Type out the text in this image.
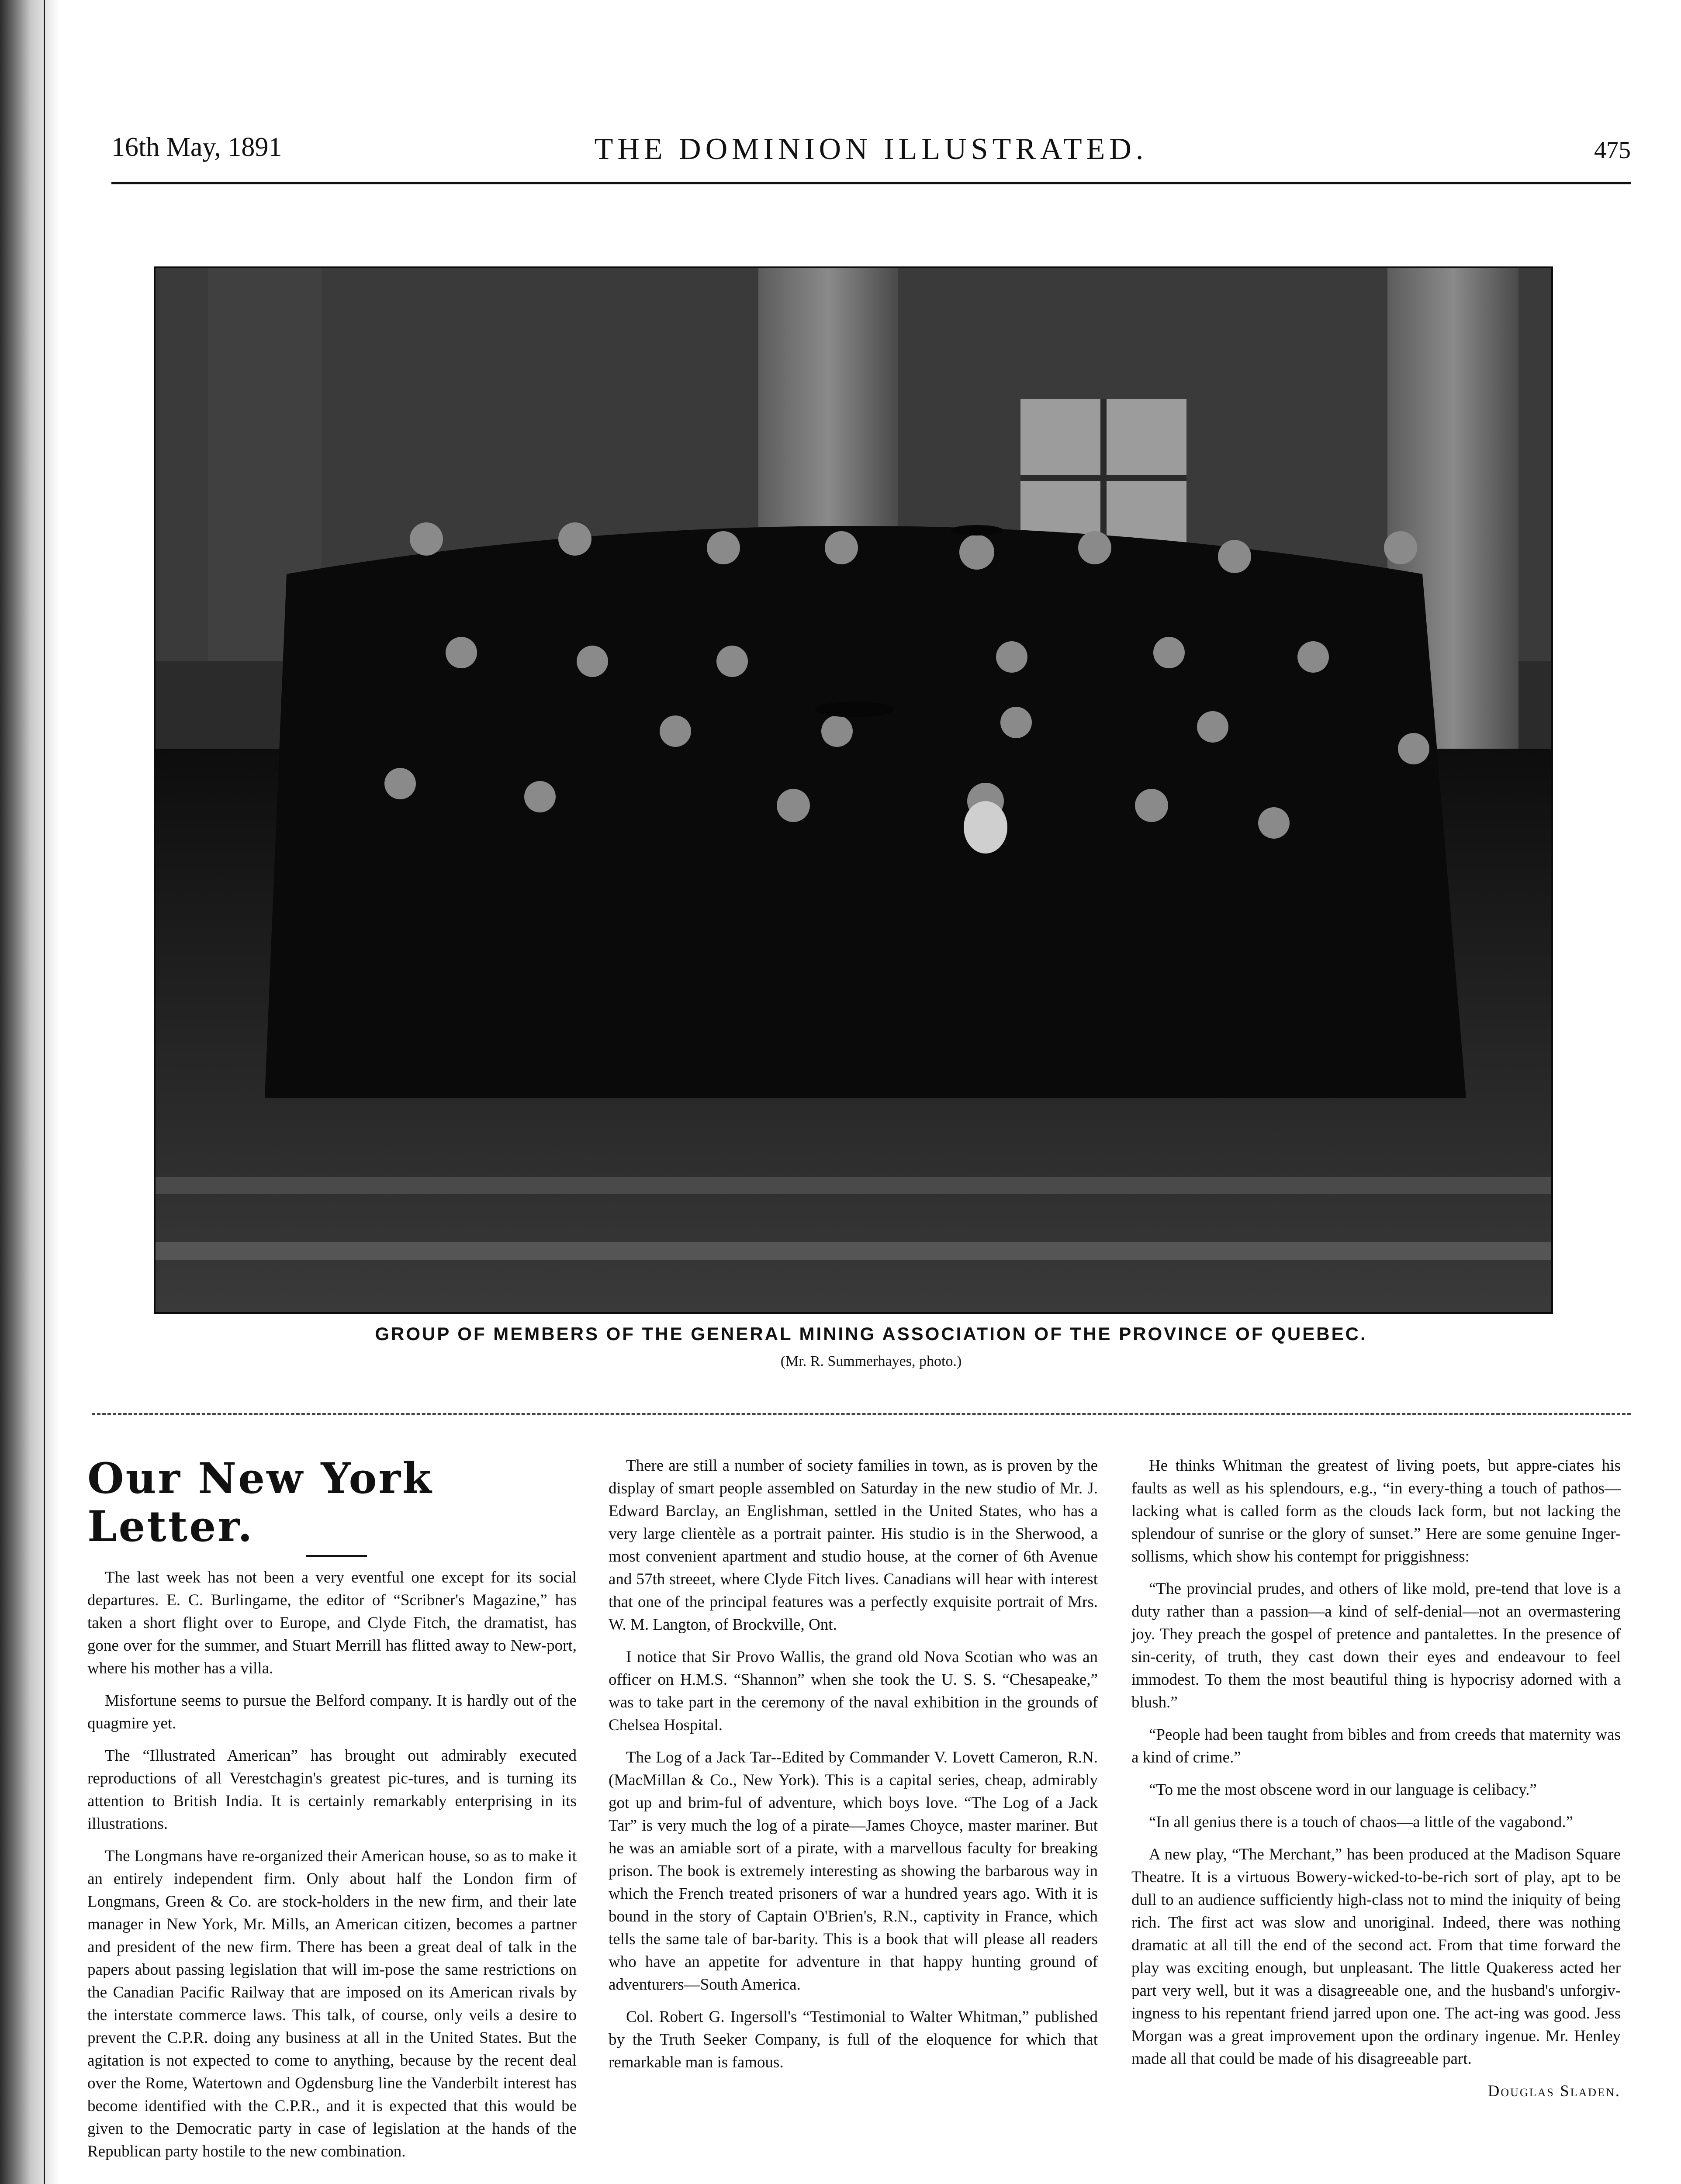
16th May, 1891	THE DOMINION ILLUSTRATED.	475
GROUP OF MEMBERS OF THE GENERAL MINING ASSOCIATION OF THE PROVINCE OF QUEBEC.
(Mr. R. Summerhayes, photo.)
Our New York Letter.

The last week has not been a very eventful one except for its social departures. E. C. Burlingame, the editor of “Scribner's Magazine,” has taken a short flight over to Europe, and Clyde Fitch, the dramatist, has gone over for the summer, and Stuart Merrill has flitted away to New-port, where his mother has a villa.

Misfortune seems to pursue the Belford company. It is hardly out of the quagmire yet.

The “Illustrated American” has brought out admirably executed reproductions of all Verestchagin's greatest pic-tures, and is turning its attention to British India. It is certainly remarkably enterprising in its illustrations.

The Longmans have re-organized their American house, so as to make it an entirely independent firm. Only about half the London firm of Longmans, Green & Co. are stock-holders in the new firm, and their late manager in New York, Mr. Mills, an American citizen, becomes a partner and president of the new firm. There has been a great deal of talk in the papers about passing legislation that will im-pose the same restrictions on the Canadian Pacific Railway that are imposed on its American rivals by the interstate commerce laws. This talk, of course, only veils a desire to prevent the C.P.R. doing any business at all in the United States. But the agitation is not expected to come to anything, because by the recent deal over the Rome, Watertown and Ogdensburg line the Vanderbilt interest has become identified with the C.P.R., and it is expected that this would be given to the Democratic party in case of legislation at the hands of the Republican party hostile to the new combination.

There are still a number of society families in town, as is proven by the display of smart people assembled on Saturday in the new studio of Mr. J. Edward Barclay, an Englishman, settled in the United States, who has a very large clientèle as a portrait painter. His studio is in the Sherwood, a most convenient apartment and studio house, at the corner of 6th Avenue and 57th streeet, where Clyde Fitch lives. Canadians will hear with interest that one of the principal features was a perfectly exquisite portrait of Mrs. W. M. Langton, of Brockville, Ont.

I notice that Sir Provo Wallis, the grand old Nova Scotian who was an officer on H.M.S. “Shannon” when she took the U. S. S. “Chesapeake,” was to take part in the ceremony of the naval exhibition in the grounds of Chelsea Hospital.

The Log of a Jack Tar--Edited by Commander V. Lovett Cameron, R.N. (MacMillan & Co., New York). This is a capital series, cheap, admirably got up and brim-ful of adventure, which boys love. “The Log of a Jack Tar” is very much the log of a pirate—James Choyce, master mariner. But he was an amiable sort of a pirate, with a marvellous faculty for breaking prison. The book is extremely interesting as showing the barbarous way in which the French treated prisoners of war a hundred years ago. With it is bound in the story of Captain O'Brien's, R.N., captivity in France, which tells the same tale of bar-barity. This is a book that will please all readers who have an appetite for adventure in that happy hunting ground of adventurers—South America.

Col. Robert G. Ingersoll's “Testimonial to Walter Whitman,” published by the Truth Seeker Company, is full of the eloquence for which that remarkable man is famous.

He thinks Whitman the greatest of living poets, but appre-ciates his faults as well as his splendours, e.g., “in every-thing a touch of pathos—lacking what is called form as the clouds lack form, but not lacking the splendour of sunrise or the glory of sunset.” Here are some genuine Inger-sollisms, which show his contempt for priggishness:

“The provincial prudes, and others of like mold, pre-tend that love is a duty rather than a passion—a kind of self-denial—not an overmastering joy. They preach the gospel of pretence and pantalettes. In the presence of sin-cerity, of truth, they cast down their eyes and endeavour to feel immodest. To them the most beautiful thing is hypocrisy adorned with a blush.”

“People had been taught from bibles and from creeds that maternity was a kind of crime.”

“To me the most obscene word in our language is celibacy.”

“In all genius there is a touch of chaos—a little of the vagabond.”

A new play, “The Merchant,” has been produced at the Madison Square Theatre. It is a virtuous Bowery-wicked-to-be-rich sort of play, apt to be dull to an audience sufficiently high-class not to mind the iniquity of being rich. The first act was slow and unoriginal. Indeed, there was nothing dramatic at all till the end of the second act. From that time forward the play was exciting enough, but unpleasant. The little Quakeress acted her part very well, but it was a disagreeable one, and the husband's unforgiv-ingness to his repentant friend jarred upon one. The act-ing was good. Jess Morgan was a great improvement upon the ordinary ingenue. Mr. Henley made all that could be made of his disagreeable part.

Douglas Sladen.
